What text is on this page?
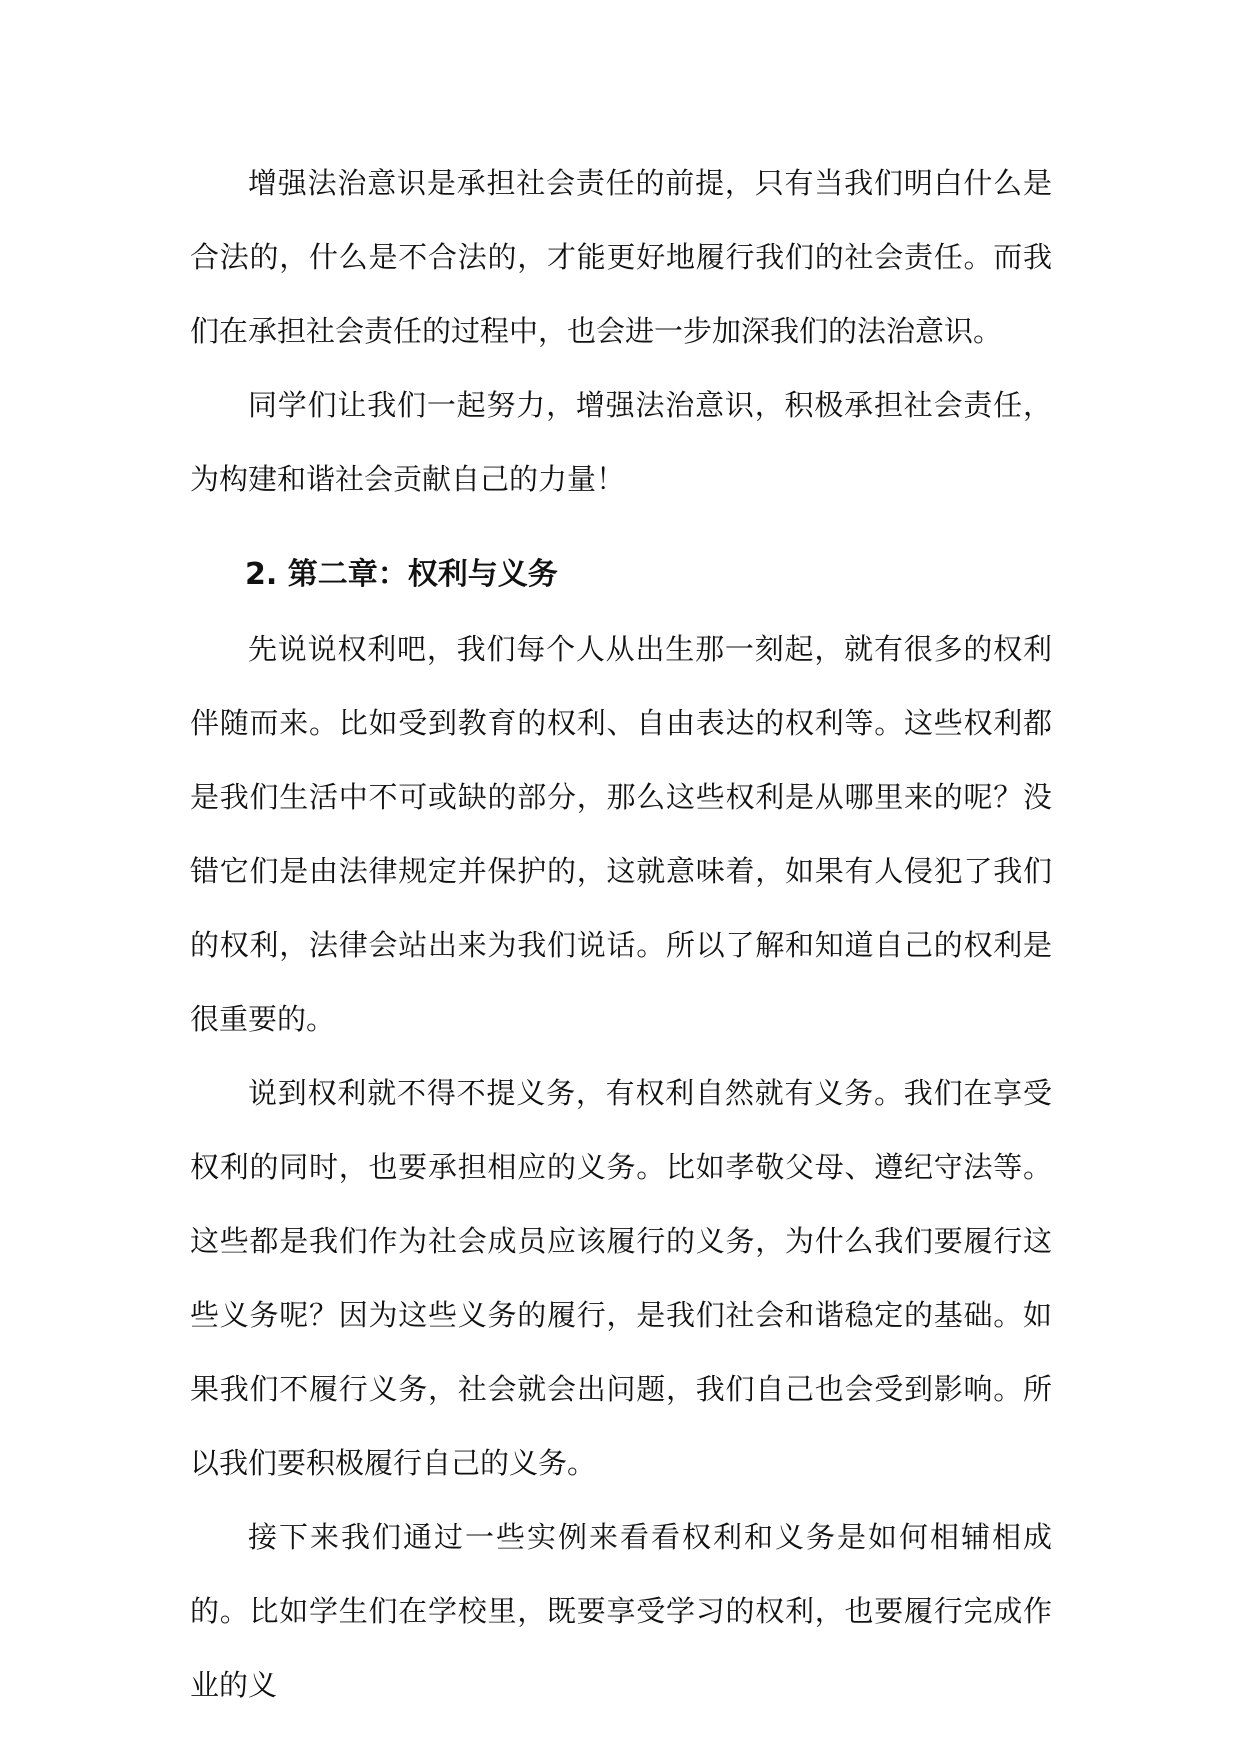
增强法治意识是承担社会责任的前提，只有当我们明白什么是合法的，什么是不合法的，才能更好地履行我们的社会责任。而我们在承担社会责任的过程中，也会进一步加深我们的法治意识。

同学们让我们一起努力，增强法治意识，积极承担社会责任，为构建和谐社会贡献自己的力量！

2. 第二章：权利与义务

先说说权利吧，我们每个人从出生那一刻起，就有很多的权利伴随而来。比如受到教育的权利、自由表达的权利等。这些权利都是我们生活中不可或缺的部分，那么这些权利是从哪里来的呢？没错它们是由法律规定并保护的，这就意味着，如果有人侵犯了我们的权利，法律会站出来为我们说话。所以了解和知道自己的权利是很重要的。

说到权利就不得不提义务，有权利自然就有义务。我们在享受权利的同时，也要承担相应的义务。比如孝敬父母、遵纪守法等。这些都是我们作为社会成员应该履行的义务，为什么我们要履行这些义务呢？因为这些义务的履行，是我们社会和谐稳定的基础。如果我们不履行义务，社会就会出问题，我们自己也会受到影响。所以我们要积极履行自己的义务。

接下来我们通过一些实例来看看权利和义务是如何相辅相成的。比如学生们在学校里，既要享受学习的权利，也要履行完成作业的义
